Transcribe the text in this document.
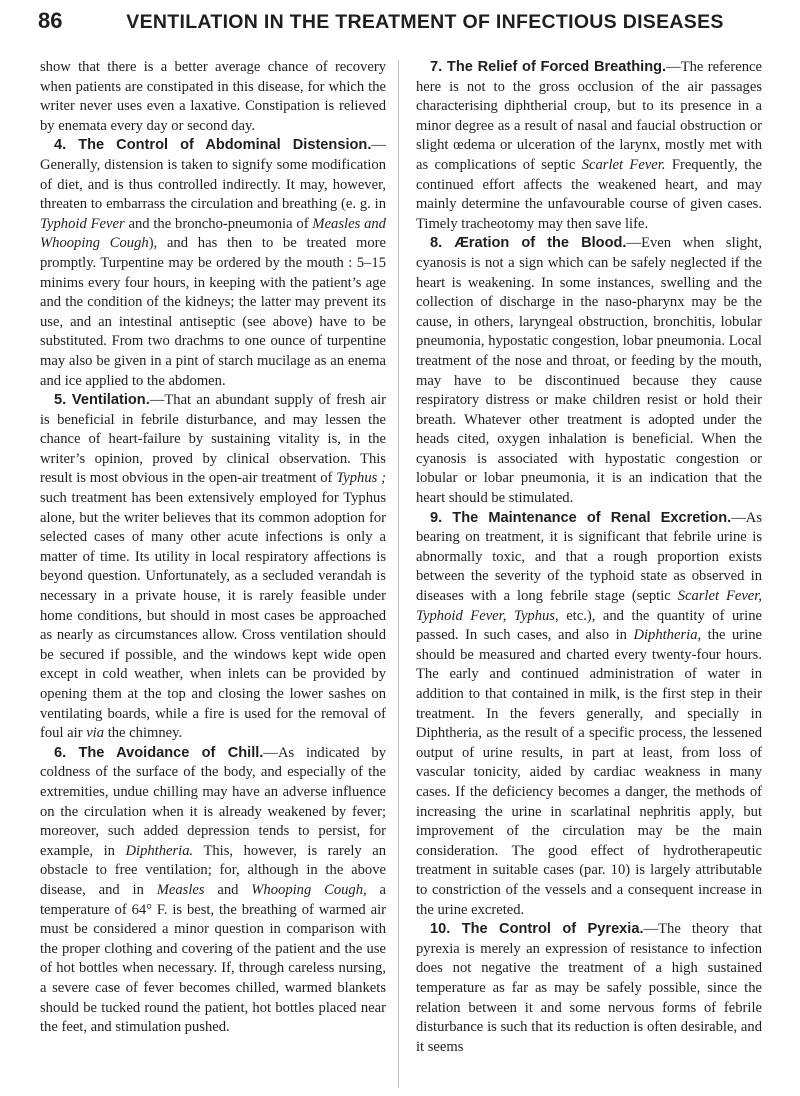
86	VENTILATION IN THE TREATMENT OF INFECTIOUS DISEASES

show that there is a better average chance of recovery when patients are constipated in this disease, for which the writer never uses even a laxative. Constipation is relieved by enemata every day or second day.

4. The Control of Abdominal Distension.—Generally, distension is taken to signify some modification of diet, and is thus controlled indirectly. It may, however, threaten to embarrass the circulation and breathing (e. g. in Typhoid Fever and the broncho-pneumonia of Measles and Whooping Cough), and has then to be treated more promptly. Turpentine may be ordered by the mouth : 5–15 minims every four hours, in keeping with the patient’s age and the condition of the kidneys; the latter may prevent its use, and an intestinal antiseptic (see above) have to be substituted. From two drachms to one ounce of turpentine may also be given in a pint of starch mucilage as an enema and ice applied to the abdomen.

5. Ventilation.—That an abundant supply of fresh air is beneficial in febrile disturbance, and may lessen the chance of heart-failure by sustaining vitality is, in the writer’s opinion, proved by clinical observation. This result is most obvious in the open-air treatment of Typhus ; such treatment has been extensively employed for Typhus alone, but the writer believes that its common adoption for selected cases of many other acute infections is only a matter of time. Its utility in local respiratory affections is beyond question. Unfortunately, as a secluded verandah is necessary in a private house, it is rarely feasible under home conditions, but should in most cases be approached as nearly as circumstances allow. Cross ventilation should be secured if possible, and the windows kept wide open except in cold weather, when inlets can be provided by opening them at the top and closing the lower sashes on ventilating boards, while a fire is used for the removal of foul air via the chimney.

6. The Avoidance of Chill.—As indicated by coldness of the surface of the body, and especially of the extremities, undue chilling may have an adverse influence on the circulation when it is already weakened by fever; moreover, such added depression tends to persist, for example, in Diphtheria. This, however, is rarely an obstacle to free ventilation; for, although in the above disease, and in Measles and Whooping Cough, a temperature of 64° F. is best, the breathing of warmed air must be considered a minor question in comparison with the proper clothing and covering of the patient and the use of hot bottles when necessary. If, through careless nursing, a severe case of fever becomes chilled, warmed blankets should be tucked round the patient, hot bottles placed near the feet, and stimulation pushed.

7. The Relief of Forced Breathing.—The reference here is not to the gross occlusion of the air passages characterising diphtherial croup, but to its presence in a minor degree as a result of nasal and faucial obstruction or slight œdema or ulceration of the larynx, mostly met with as complications of septic Scarlet Fever. Frequently, the continued effort affects the weakened heart, and may mainly determine the unfavourable course of given cases. Timely tracheotomy may then save life.

8. Æration of the Blood.—Even when slight, cyanosis is not a sign which can be safely neglected if the heart is weakening. In some instances, swelling and the collection of discharge in the naso-pharynx may be the cause, in others, laryngeal obstruction, bronchitis, lobular pneumonia, hypostatic congestion, lobar pneumonia. Local treatment of the nose and throat, or feeding by the mouth, may have to be discontinued because they cause respiratory distress or make children resist or hold their breath. Whatever other treatment is adopted under the heads cited, oxygen inhalation is beneficial. When the cyanosis is associated with hypostatic congestion or lobular or lobar pneumonia, it is an indication that the heart should be stimulated.

9. The Maintenance of Renal Excretion.—As bearing on treatment, it is significant that febrile urine is abnormally toxic, and that a rough proportion exists between the severity of the typhoid state as observed in diseases with a long febrile stage (septic Scarlet Fever, Typhoid Fever, Typhus, etc.), and the quantity of urine passed. In such cases, and also in Diphtheria, the urine should be measured and charted every twenty-four hours. The early and continued administration of water in addition to that contained in milk, is the first step in their treatment. In the fevers generally, and specially in Diphtheria, as the result of a specific process, the lessened output of urine results, in part at least, from loss of vascular tonicity, aided by cardiac weakness in many cases. If the deficiency becomes a danger, the methods of increasing the urine in scarlatinal nephritis apply, but improvement of the circulation may be the main consideration. The good effect of hydrotherapeutic treatment in suitable cases (par. 10) is largely attributable to constriction of the vessels and a consequent increase in the urine excreted.

10. The Control of Pyrexia.—The theory that pyrexia is merely an expression of resistance to infection does not negative the treatment of a high sustained temperature as far as may be safely possible, since the relation between it and some nervous forms of febrile disturbance is such that its reduction is often desirable, and it seems
